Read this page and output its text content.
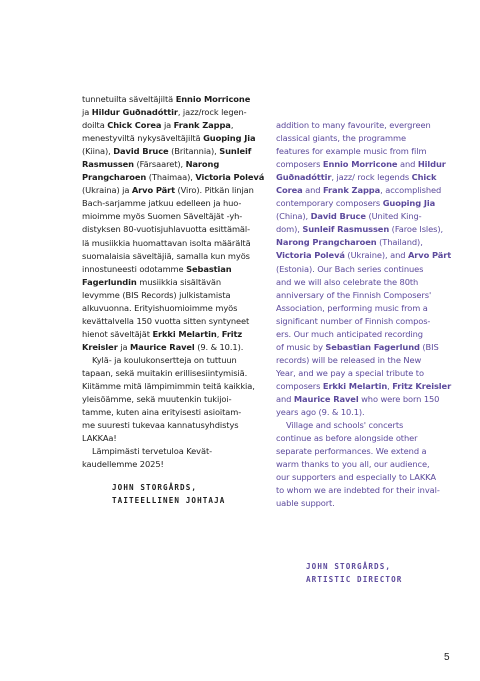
tunnetuilta säveltäjiltä Ennio Morricone

ja Hildur Guðnadóttir, jazz/rock legen-

doilta Chick Corea ja Frank Zappa,

menestyviltä nykysäveltäjiltä Guoping Jia

(Kiina), David Bruce (Britannia), Sunleif

Rasmussen (Färsaaret), Narong

Prangcharoen (Thaimaa), Victoria Polevá

(Ukraina) ja Arvo Pärt (Viro). Pitkän linjan

Bach-sarjamme jatkuu edelleen ja huo-

mioimme myös Suomen Säveltäjät -yh-

distyksen 80-vuotisjuhlavuotta esittämäl-

lä musiikkia huomattavan isolta määrältä

suomalaisia säveltäjiä, samalla kun myös

innostuneesti odotamme Sebastian

Fagerlundin musiikkia sisältävän

levymme (BIS Records) julkistamista

alkuvuonna. Erityishuomioimme myös

kevättalvella 150 vuotta sitten syntyneet

hienot säveltäjät Erkki Melartin, Fritz

Kreisler ja Maurice Ravel (9. & 10.1).

Kylä- ja koulukonsertteja on tuttuun

tapaan, sekä muitakin erillisesiintymisiä.

Kiitämme mitä lämpimimmin teitä kaikkia,

yleisöämme, sekä muutenkin tukijoi-

tamme, kuten aina erityisesti asioitam-

me suuresti tukevaa kannatusyhdistys

LAKKAa!

Lämpimästi tervetuloa Kevät-

kaudellemme 2025!

addition to many favourite, evergreen

classical giants, the programme

features for example music from film

composers Ennio Morricone and Hildur

Guðnadóttir, jazz/ rock legends Chick

Corea and Frank Zappa, accomplished

contemporary composers Guoping Jia

(China), David Bruce (United King-

dom), Sunleif Rasmussen (Faroe Isles),

Narong Prangcharoen (Thailand),

Victoria Polevá (Ukraine), and Arvo Pärt

(Estonia). Our Bach series continues

and we will also celebrate the 80th

anniversary of the Finnish Composers'

Association, performing music from a

significant number of Finnish compos-

ers. Our much anticipated recording

of music by Sebastian Fagerlund (BIS

records) will be released in the New

Year, and we pay a special tribute to

composers Erkki Melartin, Fritz Kreisler

and Maurice Ravel who were born 150

years ago (9. & 10.1).

Village and schools' concerts

continue as before alongside other

separate performances. We extend a

warm thanks to you all, our audience,

our supporters and especially to LAKKA

to whom we are indebted for their inval-

uable support.

JOHN STORGÅRDS,
TAITEELLINEN JOHTAJA
JOHN STORGÅRDS,
ARTISTIC DIRECTOR
5
